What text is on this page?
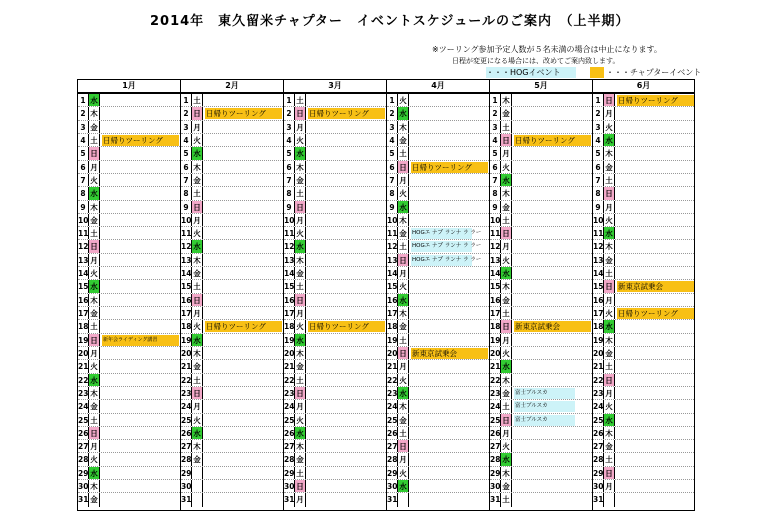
2014年　東久留米チャプター　イベントスケジュールのご案内　（上半期）
※ツーリング参加予定人数が５名未満の場合は中止になります。
日程が変更になる場合には、改めてご案内致します。
・・・HOGイベント	・・・チャプターイベント
1月
1 水
2 木
3 金
4 土 日帰りツーリング
5 日
6 月
7 火
8 水
9 木
10 金
11 土
12 日
13 月
14 火
15 水
16 木
17 金
18 土
19 日	新年会ライディング講習
20 月
21 火
22 水
23 木
24 金
25 土
26 日
27 月
28 火
29 水
30 木
31 金
2月
1 土
2 日 日帰りツーリング
3 月
4 火
5 水
6 木
7 金
8 土
9 日
10 月
11 火
12 水
13 木
14 金
15 土
16 日
17 月
18 火 日帰りツーリング
19 水
20 木
21 金
22 土
23 日
24 月
25 火
26 水
27 木
28 金
29
30
31
3月
1 土
2 日 日帰りツーリング
3 月
4 火
5 水
6 木
7 金
8 土
9 日
10 月
11 火
12 水
13 木
14 金
15 土
16 日
17 月
18 火 日帰りツーリング
19 水
20 木
21 金
22 土
23 日
24 月
25 火
26 水
27 木
28 金
29 土
30 日
31 月
4月
1 火
2 水
3 木
4 金
5 土
6 日 日帰りツーリング
7 月
8 火
9 水
10 木
11 金 HOGエ ナプ ランナ ラ ラー
12 土 HOGエ ナプ ランナ ラ ラー
13 日 HOGエ ナプ ランナ ラ ラー
14 月
15 火
16 水
17 木
18 金
19 土
20 日 新東京試乗会
21 月
22 火
23 水
24 木
25 金
26 土
27 日
28 月
29 火
30 水
31
5月
1 木
2 金
3 土
4 日 日帰りツーリング
5 月
6 火
7 水
8 木
9 金
10 土
11 日
12 月
13 火
14 水
15 木
16 金
17 土
18 日 新東京試乗会
19 月
20 火
21 水
22 木
23 金 富士ブルスカ
24 土 富士ブルスカ
25 日 富士ブルスカ
26 月
27 火
28 水
29 木
30 金
31 土
6月
1 日 日帰りツーリング
2 月
3 火
4 水
5 木
6 金
7 土
8 日
9 月
10 火
11 水
12 木
13 金
14 土
15 日 新東京試乗会
16 月
17 火 日帰りツーリング
18 水
19 木
20 金
21 土
22 日
23 月
24 火
25 水
26 木
27 金
28 土
29 日
30 月
31
